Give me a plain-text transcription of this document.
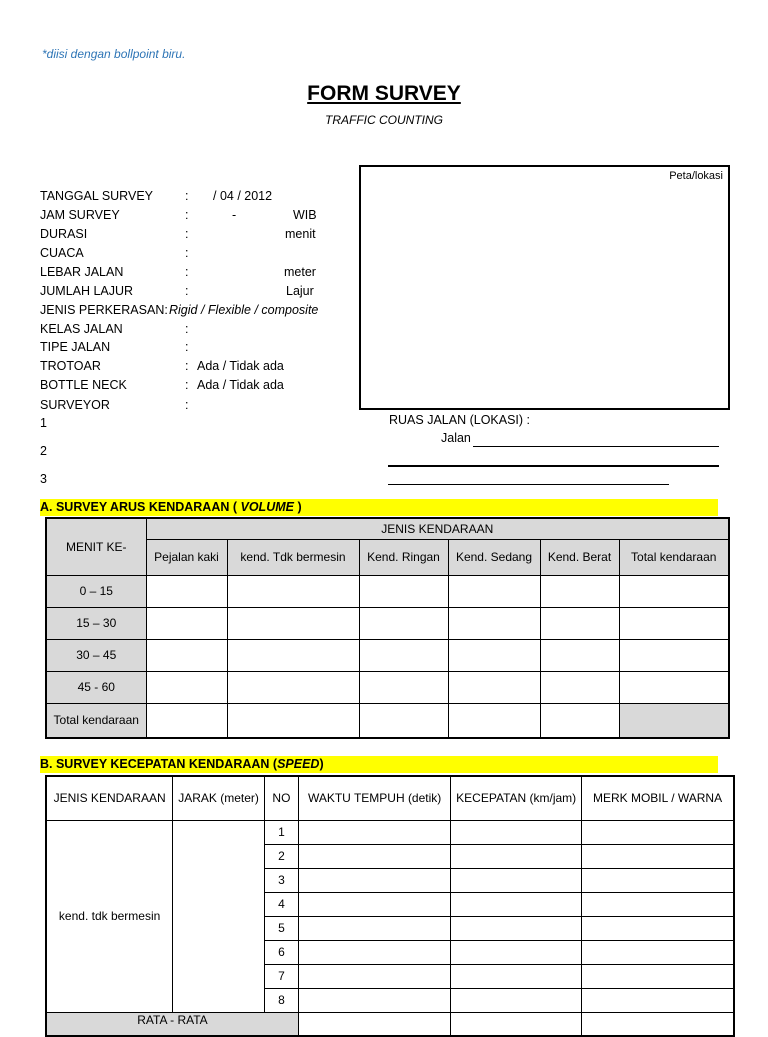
*diisi dengan bollpoint biru.
FORM SURVEY
TRAFFIC COUNTING
TANGGAL SURVEY	: / 04 / 2012
JAM SURVEY	:	-	WIB
DURASI	:	menit
CUACA	:
LEBAR JALAN	:	meter
JUMLAH LAJUR	:	Lajur
JENIS PERKERASAN: Rigid / Flexible / composite
KELAS JALAN	:
TIPE JALAN	:
TROTOAR	: Ada / Tidak ada
BOTTLE NECK	: Ada / Tidak ada
SURVEYOR	:
1
2
3
Peta/lokasi
RUAS JALAN (LOKASI) :
Jalan
A. SURVEY ARUS KENDARAAN ( VOLUME )
MENIT KE-	JENIS KENDARAAN					
	Pejalan kaki	kend. Tdk bermesin	Kend. Ringan	Kend. Sedang	Kend. Berat	Total kendaraan
0 – 15						
15 – 30						
30 – 45						
45 - 60						
Total kendaraan						
B. SURVEY KECEPATAN KENDARAAN (SPEED)
JENIS KENDARAAN	JARAK (meter)	NO	WAKTU TEMPUH (detik)	KECEPATAN (km/jam)	MERK MOBIL / WARNA
kend. tdk bermesin		1			
		2			
		3			
		4			
		5			
		6			
		7			
		8			
RATA - RATA					
